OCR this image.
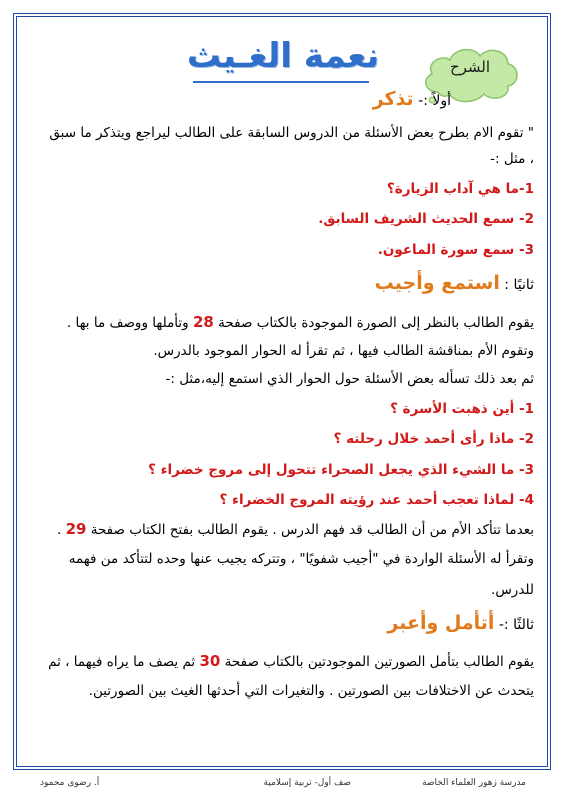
نعمة الغـيث	الشرح
أولاً :- تذكر
" تقوم الام بطرح بعض الأسئلة من الدروس السابقة على الطالب ليراجع ويتذكر ما سبق
، مثل :-
1-ما هي آداب الزيارة؟
2- سمع الحديث الشريف السابق.
3- سمع سورة الماعون.
ثانيًا : استمع وأجيب
يقوم الطالب بالنظر إلى الصورة الموجودة بالكتاب صفحة 28 وتأملها ووصف ما بها .
وتقوم الأم بمناقشة الطالب فيها ، ثم تقرأ له الحوار الموجود بالدرس.
ثم بعد ذلك تسأله بعض الأسئلة حول الحوار الذي استمع إليه،مثل :-
1- أين ذهبت الأسرة ؟
2- ماذا رأى أحمد خلال رحلته ؟
3- ما الشيء الذي يجعل الصحراء تتحول إلى مروج خضراء ؟
4- لماذا تعجب أحمد عند رؤيته المروج الخضراء ؟
بعدما تتأكد الأم من أن الطالب قد فهم الدرس . يقوم الطالب بفتح الكتاب صفحة 29 .
وتقرأ له الأسئلة الواردة في "أجيب شفويًا" ، وتتركه يجيب عنها وحده لتتأكد من فهمه
للدرس.
ثالثًا :- أتأمل وأعبر
يقوم الطالب بتأمل الصورتين الموجودتين بالكتاب صفحة 30 ثم يصف ما يراه فيهما ، ثم
يتحدث عن الاختلافات بين الصورتين . والتغيرات التي أحدثها الغيث بين الصورتين.
مدرسة زهور العلماء الخاصة
صف أول- تربية إسلامية
أ. رضوى محمود
